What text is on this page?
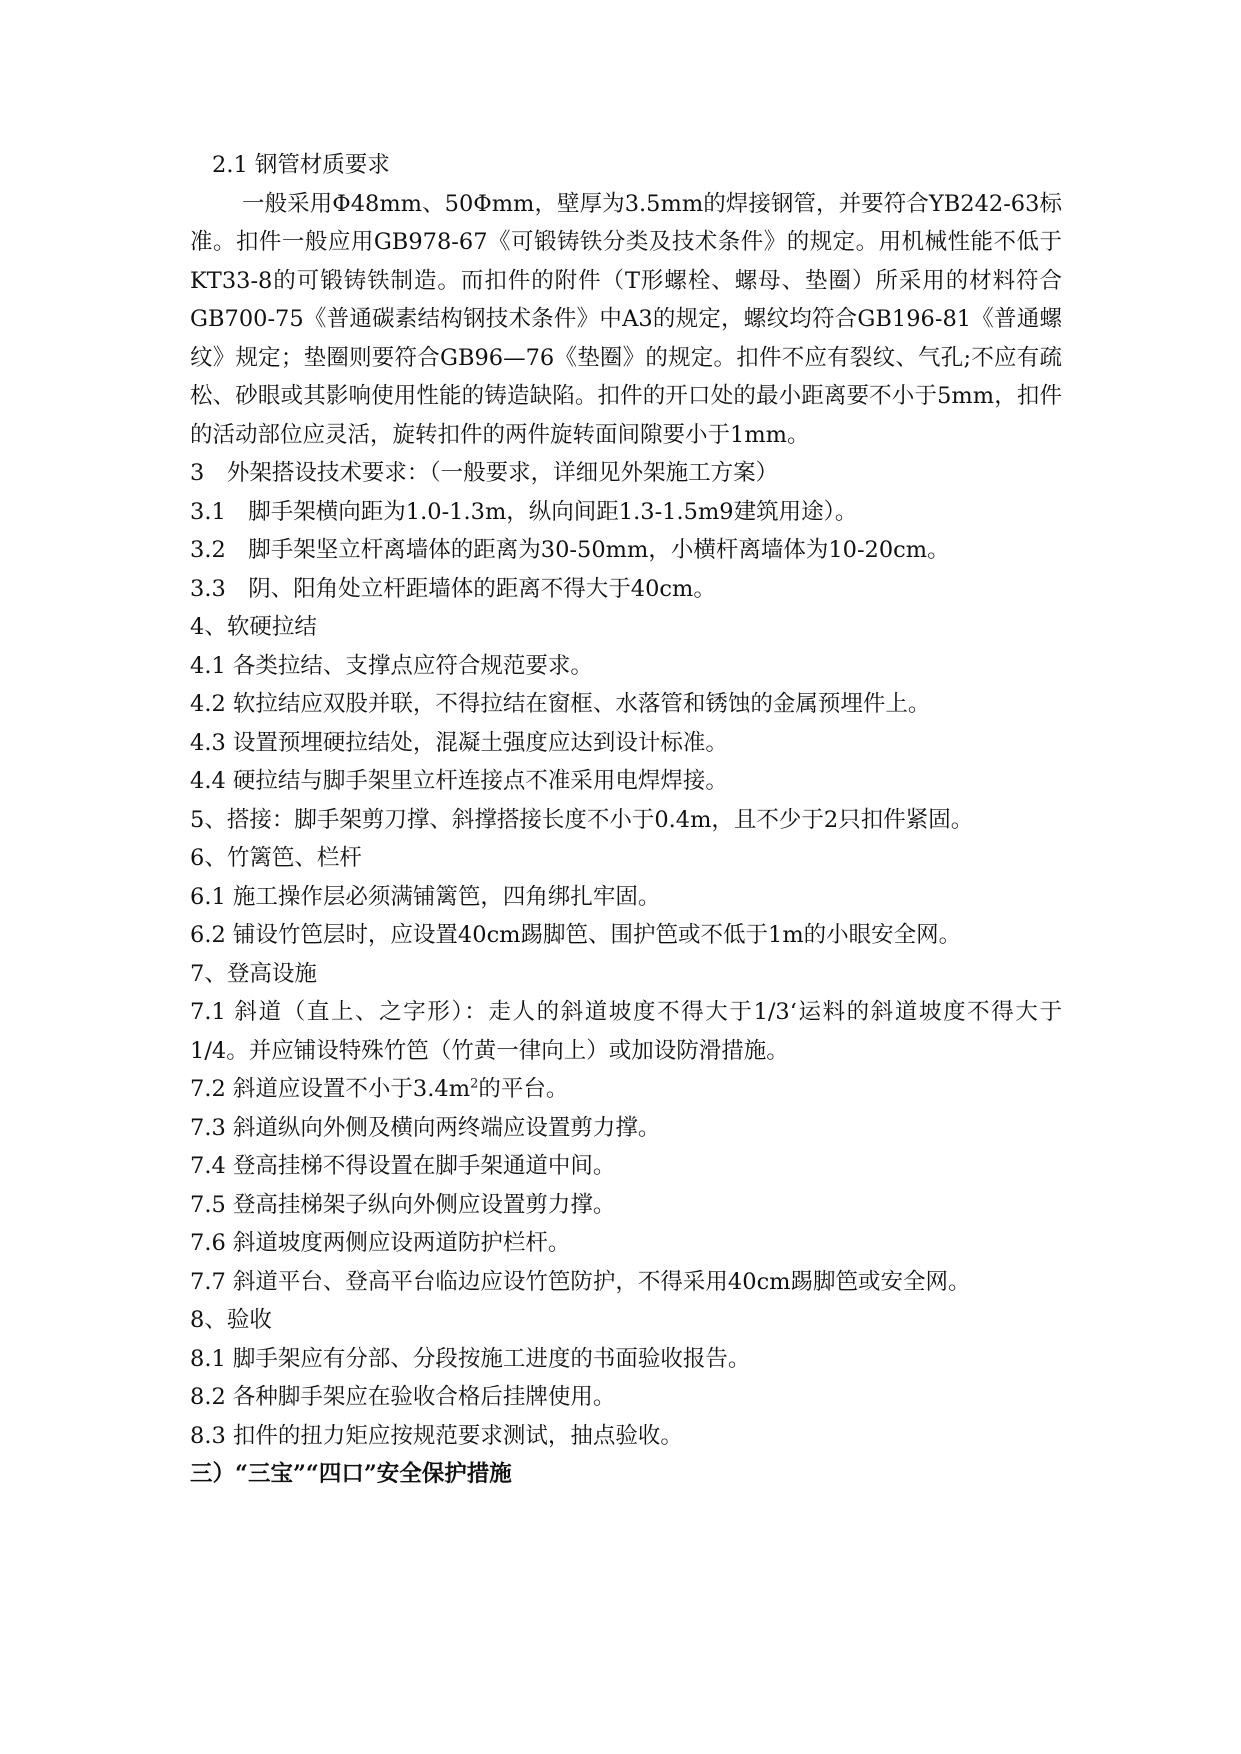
2.1 钢管材质要求

一般采用Φ48mm、50Φmm，壁厚为3.5mm的焊接钢管，并要符合YB242-63标准。扣件一般应用GB978-67《可锻铸铁分类及技术条件》的规定。用机械性能不低于KT33-8的可锻铸铁制造。而扣件的附件（T形螺栓、螺母、垫圈）所采用的材料符合GB700-75《普通碳素结构钢技术条件》中A3的规定，螺纹均符合GB196-81《普通螺纹》规定；垫圈则要符合GB96—76《垫圈》的规定。扣件不应有裂纹、气孔;不应有疏松、砂眼或其影响使用性能的铸造缺陷。扣件的开口处的最小距离要不小于5mm，扣件的活动部位应灵活，旋转扣件的两件旋转面间隙要小于1mm。

3　外架搭设技术要求：（一般要求，详细见外架施工方案）

3.1　脚手架横向距为1.0-1.3m，纵向间距1.3-1.5m9建筑用途）。

3.2　脚手架坚立杆离墙体的距离为30-50mm，小横杆离墙体为10-20cm。

3.3　阴、阳角处立杆距墙体的距离不得大于40cm。

4、软硬拉结

4.1 各类拉结、支撑点应符合规范要求。

4.2 软拉结应双股并联，不得拉结在窗框、水落管和锈蚀的金属预埋件上。

4.3 设置预埋硬拉结处，混凝土强度应达到设计标准。

4.4 硬拉结与脚手架里立杆连接点不准采用电焊焊接。

5、搭接：脚手架剪刀撑、斜撑搭接长度不小于0.4m，且不少于2只扣件紧固。

6、竹篱笆、栏杆

6.1 施工操作层必须满铺篱笆，四角绑扎牢固。

6.2 铺设竹笆层时，应设置40cm踢脚笆、围护笆或不低于1m的小眼安全网。

7、登高设施

7.1 斜道（直上、之字形）：走人的斜道坡度不得大于1/3‘运料的斜道坡度不得大于1/4。并应铺设特殊竹笆（竹黄一律向上）或加设防滑措施。

7.2 斜道应设置不小于$3.4m^2$的平台。

7.3 斜道纵向外侧及横向两终端应设置剪力撑。

7.4 登高挂梯不得设置在脚手架通道中间。

7.5 登高挂梯架子纵向外侧应设置剪力撑。

7.6 斜道坡度两侧应设两道防护栏杆。

7.7 斜道平台、登高平台临边应设竹笆防护，不得采用40cm踢脚笆或安全网。

8、验收

8.1 脚手架应有分部、分段按施工进度的书面验收报告。

8.2 各种脚手架应在验收合格后挂牌使用。

8.3 扣件的扭力矩应按规范要求测试，抽点验收。

三）“三宝”“四口”安全保护措施
